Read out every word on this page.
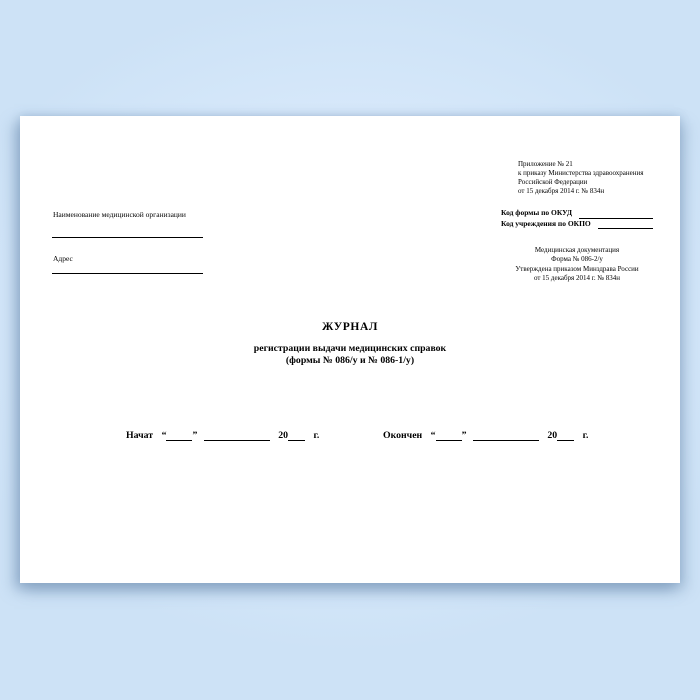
Приложение № 21
к приказу Министерства здравоохранения
Российской Федерации
от 15 декабря 2014 г. № 834н
Наименование медицинской организации
Адрес
Код формы по ОКУД
Код учреждения по ОКПО
Медицинская документация
Форма № 086-2/у
Утверждена приказом Минздрава России
от 15 декабря 2014 г. № 834н
ЖУРНАЛ
регистрации выдачи медицинских справок
(формы № 086/у и № 086-1/у)
Начат “	”	20	г.	Окончен “	”	20	г.
